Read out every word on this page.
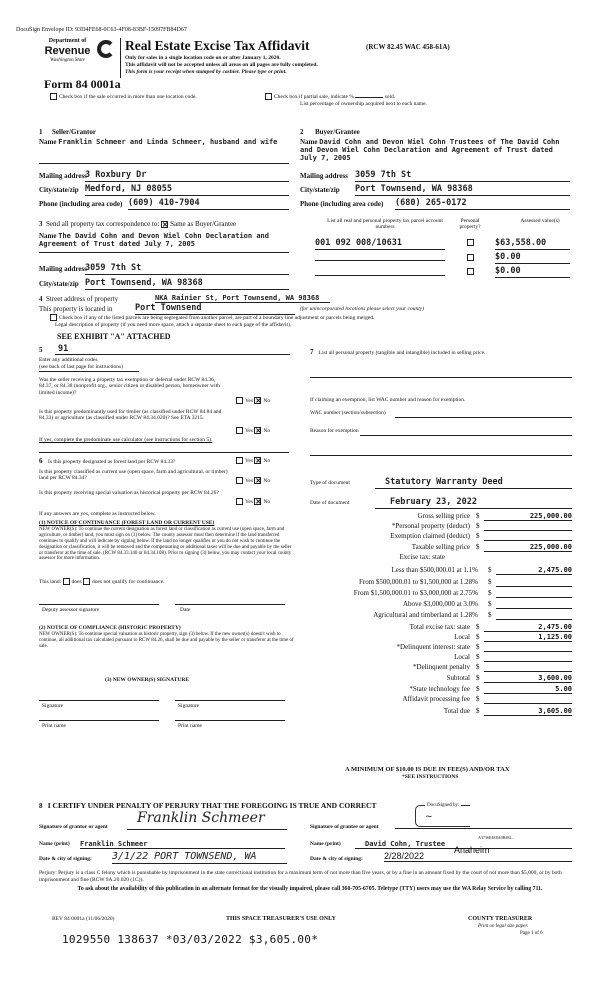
DocuSign Envelope ID: 93D4FE68-0C63-4F08-83BF-15097FB84D67
Department of
Revenue
Washington State
Real Estate Excise Tax Affidavit	(RCW 82.45 WAC 458-61A)
Only for sales in a single location code on or after January 1, 2020.
This affidavit will not be accepted unless all areas on all pages are fully completed.
This form is your receipt when stamped by cashier. Please type or print.
Form 84 0001a
Check box if the sale occurred in more than one location code.	Check box if partial sale, indicate %	sold.
List percentage of ownership acquired next to each name.
1 Seller/Grantor
Name Franklin Schmeer and Linda Schmeer, husband and wife
Mailing address
3 Roxbury Dr
City/state/zip Medford, NJ 08055
Phone (including area code) (609) 410-7904
2 Buyer/Grantee
Name David Cohn and Devon Wiel Cohn Trustees of The David Cohn and Devon Wiel Cohn Declaration and Agreement of Trust dated July 7, 2005
Mailing address 3059 7th St
City/state/zip Port Townsend, WA 98368
Phone (including area code) (680) 265-0172
3 Send all property tax correspondence to: ✕ Same as Buyer/Grantee
Name The David Cohn and Devon Wiel Cohn Declaration and Agreement of Trust dated July 7, 2005
Mailing address
3059 7th St
City/state/zip Port Townsend, WA 98368
List all real and personal property tax parcel account numbers
Personal property?
Assessed value(s)
001 092 008/10631	$63,558.00
$0.00
$0.00
4 Street address of property	NKA Rainier St, Port Townsend, WA 98368
This property is located in	Port Townsend	(for unincorporated locations please select your county)
Check box if any of the listed parcels are being segregated from another parcel, are part of a boundary line adjustment or parcels being merged.
Legal description of property (if you need more space, attach a separate sheet to each page of the affidavit).
SEE EXHIBIT "A" ATTACHED
5 91
Enter any additional codes
(see back of last page for instructions)
Was the seller receiving a property tax exemption or deferral under RCW 84.36, 84.37, or 84.38 (nonprofit org., senior citizen or disabled person, homeowner with limited income)?
Yes ✕ No
Is this property predominantly used for timber (as classified under RCW 84.84 and 84.33) or agriculture (as classified under RCW 84.34.020)? See ETA 3215.
Yes ✕ No
If yes, complete the predominate use calculator (see instructions for section 5).
6 Is this property designated as forest land per RCW 84.33?	Yes ✕ No
Is this property classified as current use (open space, farm and agricultural, or timber) land per RCW 84.34?	Yes ✕ No
Is this property receiving special valuation as historical property per RCW 84.26?
Yes ✕ No
If any answers are yes, complete as instructed below.
(1) NOTICE OF CONTINUANCE (FOREST LAND OR CURRENT USE)
NEW OWNER(S): To continue the current designation as forest land or classification as current use (open space, farm and agriculture, or timber) land, you must sign on (3) below. The county assessor must then determine if the land transferred continues to qualify and will indicate by signing below. If the land no longer qualifies or you do not wish to continue the designation or classification, it will be removed and the compensating or additional taxes will be due and payable by the seller or transferor at the time of sale. (RCW 84.33.140 or 84.34.108). Prior to signing (3) below, you may contact your local county assessor for more information.
This land: does does not qualify for continuance.
Deputy assessor signature	Date
(2) NOTICE OF COMPLIANCE (HISTORIC PROPERTY)
NEW OWNER(S): To continue special valuation as historic property, sign (3) below. If the new owner(s) doesn't wish to continue, all additional tax calculated pursuant to RCW 84.26, shall be due and payable by the seller or transferor at the time of sale.
(3) NEW OWNER(S) SIGNATURE
Signature	Signature
Print name	Print name
7 List all personal property (tangible and intangible) included in selling price.
If claiming an exemption, list WAC number and reason for exemption.
WAC number (section/subsection)
Reason for exemption
Type of document	Statutory Warranty Deed
Date of document	February 23, 2022
Gross selling price $	225,000.00
*Personal property (deduct) $
Exemption claimed (deduct) $
Taxable selling price $	225,000.00
Excise tax: state
Less than $500,000.01 at 1.1% $	2,475.00
From $500,000.01 to $1,500,000 at 1.28% $
From $1,500,000.01 to $3,000,000 at 2.75% $
Above $3,000,000 at 3.0% $
Agricultural and timberland at 1.28% $
Total excise tax: state $	2,475.00
Local $	1,125.00
*Delinquent interest: state $
Local $
*Delinquent penalty $
Subtotal $	3,600.00
*State technology fee $	5.00
Affidavit processing fee $
Total due $	3,605.00
A MINIMUM OF $10.00 IS DUE IN FEE(S) AND/OR TAX
*SEE INSTRUCTIONS
8 I CERTIFY UNDER PENALTY OF PERJURY THAT THE FOREGOING IS TRUE AND CORRECT
Signature of grantor or agent
Franklin Schmeer
Signature of grantee or agent
DocuSigned by:
~
Name (print) Franklin Schmeer	Name (print)	David Cohn, Trustee
A3736E4E8A0B482...
Date & city of signing: 3/1/22 PORT TOWNSEND, WA	Date & city of signing: 2/28/2022
Anaheim
Perjury: Perjury is a class C felony which is punishable by imprisonment in the state correctional institution for a maximum term of not more than five years, or by a fine in an amount fixed by the court of not more than $5,000, or by both imprisonment and fine (RCW 9A.20.020 (1C)).
To ask about the availability of this publication in an alternate format for the visually impaired, please call 360-705-6705. Teletype (TTY) users may use the WA Relay Service by calling 711.
REV 84 0001a (11/06/2020)	THIS SPACE TREASURER'S USE ONLY	COUNTY TREASURER
Print on legal size paper.
Page 1 of 6
1029550 138637 *03/03/2022 $3,605.00*
